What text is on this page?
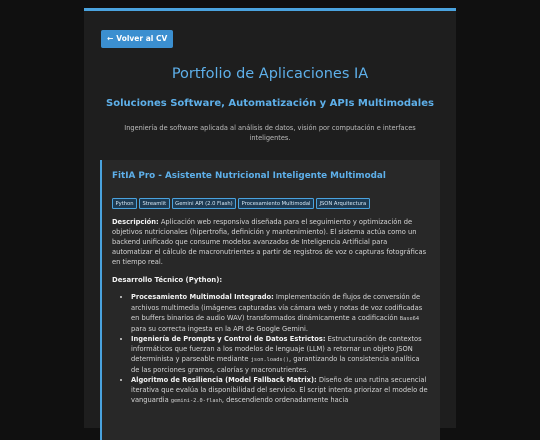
← Volver al CV
Portfolio de Aplicaciones IA
Soluciones Software, Automatización y APIs Multimodales
Ingeniería de software aplicada al análisis de datos, visión por computación e interfaces inteligentes.
FitIA Pro - Asistente Nutricional Inteligente Multimodal
Python Streamlit Gemini API (2.0 Flash) Procesamiento Multimodal JSON Arquitectura
Descripción: Aplicación web responsiva diseñada para el seguimiento y optimización de objetivos nutricionales (hipertrofia, definición y mantenimiento). El sistema actúa como un backend unificado que consume modelos avanzados de Inteligencia Artificial para automatizar el cálculo de macronutrientes a partir de registros de voz o capturas fotográficas en tiempo real.
Desarrollo Técnico (Python):
• Procesamiento Multimodal Integrado: Implementación de flujos de conversión de archivos multimedia (imágenes capturadas vía cámara web y notas de voz codificadas en buffers binarios de audio WAV) transformados dinámicamente a codificación Base64 para su correcta ingesta en la API de Google Gemini.
• Ingeniería de Prompts y Control de Datos Estrictos: Estructuración de contextos informáticos que fuerzan a los modelos de lenguaje (LLM) a retornar un objeto JSON determinista y parseable mediante json.loads(), garantizando la consistencia analítica de las porciones gramos, calorías y macronutrientes.
• Algoritmo de Resiliencia (Model Fallback Matrix): Diseño de una rutina secuencial iterativa que evalúa la disponibilidad del servicio. El script intenta priorizar el modelo de vanguardia gemini-2.0-flash, descendiendo ordenadamente hacia
